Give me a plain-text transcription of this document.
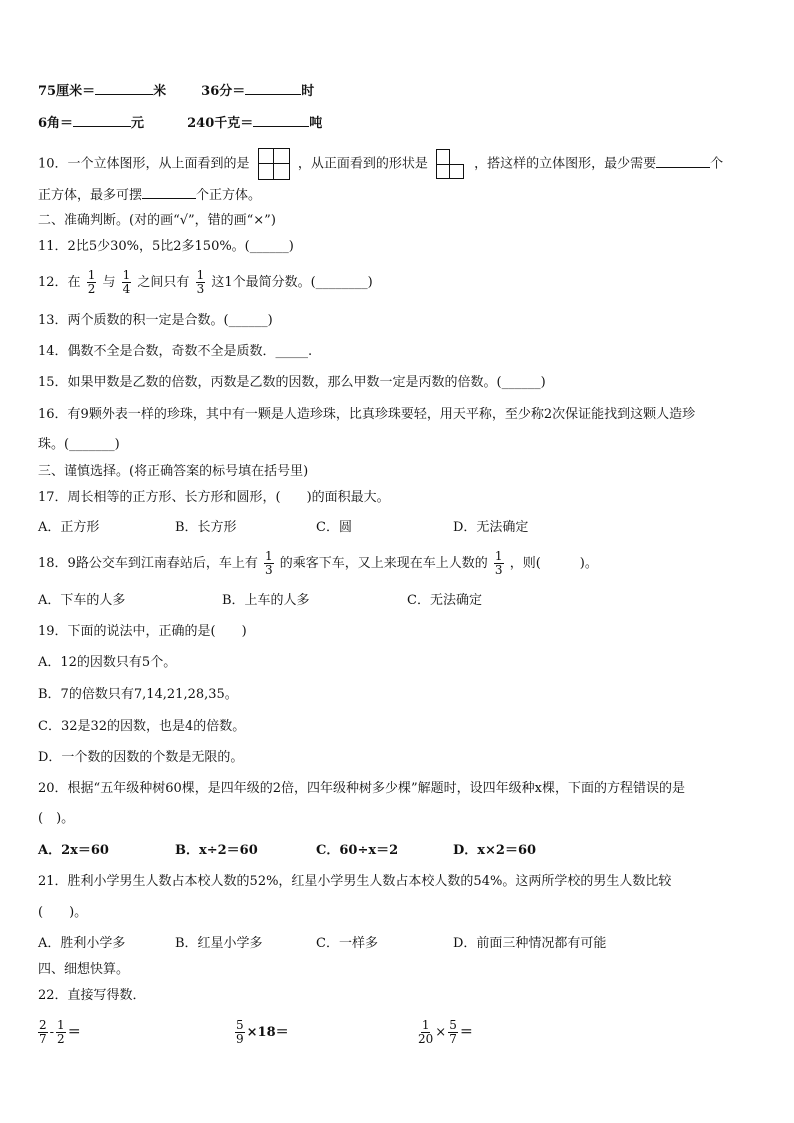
75厘米＝	米	36分＝	时
6角＝	元	240千克＝	吨
10．一个立体图形，从上面看到的是	，从正面看到的形状是	，搭这样的立体图形，最少需要	个
正方体，最多可摆	个正方体。
二、准确判断。(对的画“√”，错的画“×”)
11．2比5少30%，5比2多150%。(______)
12．在 $\frac{1}{2}$ 与 $\frac{1}{4}$ 之间只有 $\frac{1}{3}$ 这1个最简分数。(________)
13．两个质数的积一定是合数。(______)
14．偶数不全是合数，奇数不全是质数．_____.
15．如果甲数是乙数的倍数，丙数是乙数的因数，那么甲数一定是丙数的倍数。(______)
16．有9颗外表一样的珍珠，其中有一颗是人造珍珠，比真珍珠要轻，用天平称，至少称2次保证能找到这颗人造珍
珠。(_______)
三、谨慎选择。(将正确答案的标号填在括号里)
17．周长相等的正方形、长方形和圆形，(　　)的面积最大。
A．正方形	B．长方形	C．圆	D．无法确定
18．9路公交车到江南春站后，车上有 $\frac{1}{3}$ 的乘客下车，又上来现在车上人数的 $\frac{1}{3}$ ，则(　　　)。
A．下车的人多	B．上车的人多	C．无法确定
19．下面的说法中，正确的是(　　)
A．12的因数只有5个。
B．7的倍数只有7,14,21,28,35。
C．32是32的因数，也是4的倍数。
D．一个数的因数的个数是无限的。
20．根据“五年级种树60棵，是四年级的2倍，四年级种树多少棵”解题时，设四年级种x棵，下面的方程错误的是
(　)。
A．2x＝60	B．x÷2＝60	C．60÷x＝2	D．x×2＝60
21．胜利小学男生人数占本校人数的52%，红星小学男生人数占本校人数的54%。这两所学校的男生人数比较
(　　)。
A．胜利小学多	B．红星小学多	C．一样多	D．前面三种情况都有可能
四、细想快算。
22．直接写得数．
$\frac{2}{7} - \frac{1}{2}$ ＝	$\frac{5}{9} \times 18=$	$\frac{1}{20} \times \frac{5}{7}$ ＝
